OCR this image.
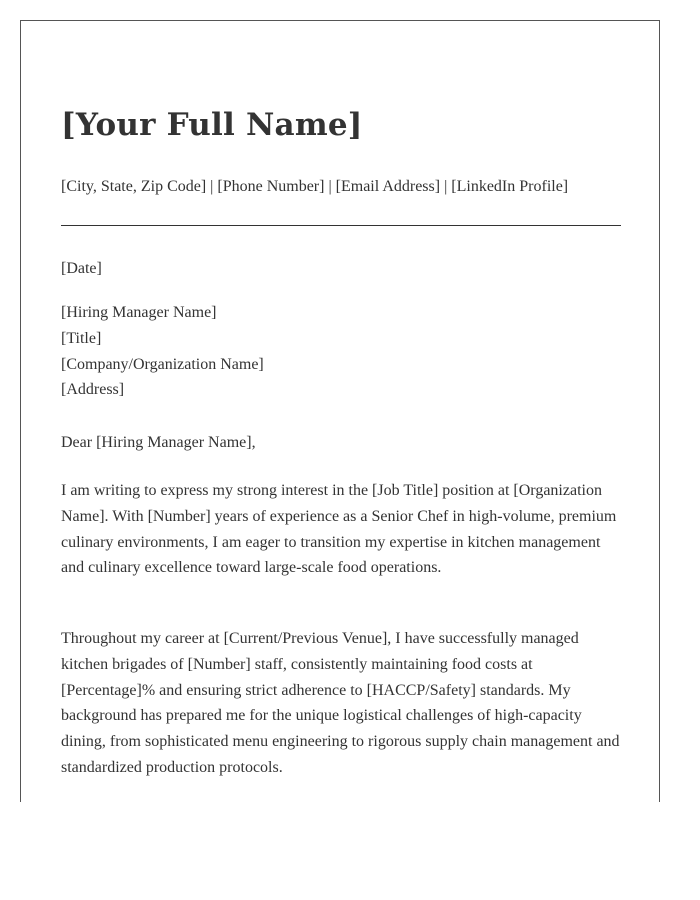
[Your Full Name]
[City, State, Zip Code] | [Phone Number] | [Email Address] | [LinkedIn Profile]
[Date]
[Hiring Manager Name]
[Title]
[Company/Organization Name]
[Address]
Dear [Hiring Manager Name],

I am writing to express my strong interest in the [Job Title] position at [Organization Name]. With [Number] years of experience as a Senior Chef in high-volume, premium culinary environments, I am eager to transition my expertise in kitchen management and culinary excellence toward large-scale food operations.

Throughout my career at [Current/Previous Venue], I have successfully managed kitchen brigades of [Number] staff, consistently maintaining food costs at [Percentage]% and ensuring strict adherence to [HACCP/Safety] standards. My background has prepared me for the unique logistical challenges of high-capacity dining, from sophisticated menu engineering to rigorous supply chain management and standardized production protocols.
